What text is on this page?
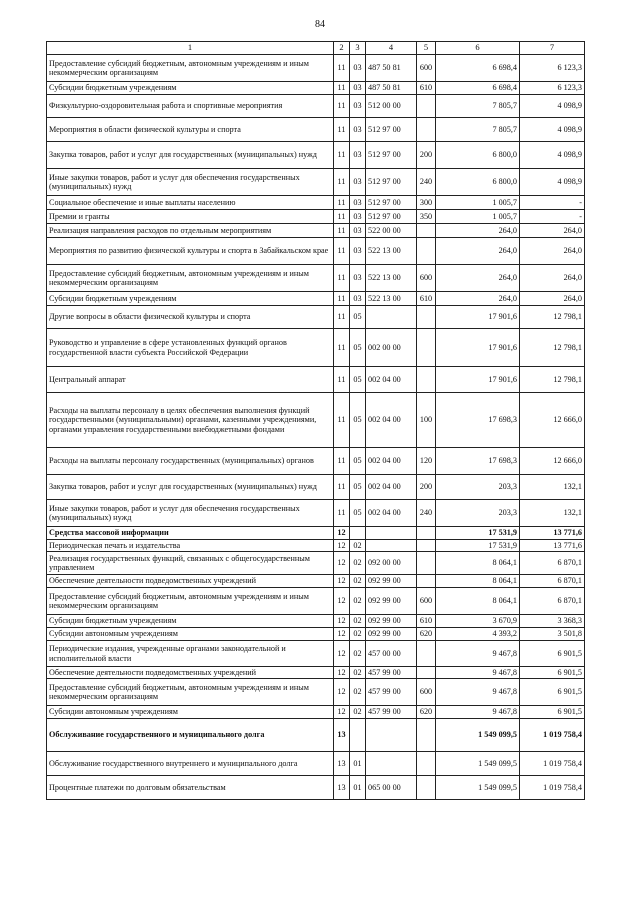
84
1	2	3	4	5	6	7
Предоставление субсидий бюджетным, автономным учреждениям и иным некоммерческим организациям	11	03	487 50 81	600	6 698,4	6 123,3
Субсидии бюджетным учреждениям	11	03	487 50 81	610	6 698,4	6 123,3
Физкультурно-оздоровительная работа и спортивные мероприятия	11	03	512 00 00		7 805,7	4 098,9
Мероприятия в области физической культуры и спорта	11	03	512 97 00		7 805,7	4 098,9
Закупка товаров, работ и услуг для государственных (муниципальных) нужд	11	03	512 97 00	200	6 800,0	4 098,9
Иные закупки товаров, работ и услуг для обеспечения государственных (муниципальных) нужд	11	03	512 97 00	240	6 800,0	4 098,9
Социальное обеспечение и иные выплаты населению	11	03	512 97 00	300	1 005,7	-
Премии и гранты	11	03	512 97 00	350	1 005,7	-
Реализация направления расходов по отдельным мероприятиям	11	03	522 00 00		264,0	264,0
Мероприятия по развитию физической культуры и спорта в Забайкальском крае	11	03	522 13 00		264,0	264,0
Предоставление субсидий бюджетным, автономным учреждениям и иным некоммерческим организациям	11	03	522 13 00	600	264,0	264,0
Субсидии бюджетным учреждениям	11	03	522 13 00	610	264,0	264,0
Другие вопросы в области физической культуры и спорта	11	05			17 901,6	12 798,1
Руководство и управление в сфере установленных функций органов государственной власти субъекта Российской Федерации	11	05	002 00 00		17 901,6	12 798,1
Центральный аппарат	11	05	002 04 00		17 901,6	12 798,1
Расходы на выплаты персоналу в целях обеспечения выполнения функций государственными (муниципальными) органами, казенными учреждениями, органами управления государственными внебюджетными фондами	11	05	002 04 00	100	17 698,3	12 666,0
Расходы на выплаты персоналу государственных (муниципальных) органов	11	05	002 04 00	120	17 698,3	12 666,0
Закупка товаров, работ и услуг для государственных (муниципальных) нужд	11	05	002 04 00	200	203,3	132,1
Иные закупки товаров, работ и услуг для обеспечения государственных (муниципальных) нужд	11	05	002 04 00	240	203,3	132,1
Средства массовой информации	12				17 531,9	13 771,6
Периодическая печать и издательства	12	02			17 531,9	13 771,6
Реализация государственных функций, связанных с общегосударственным управлением	12	02	092 00 00		8 064,1	6 870,1
Обеспечение деятельности подведомственных учреждений	12	02	092 99 00		8 064,1	6 870,1
Предоставление субсидий бюджетным, автономным учреждениям и иным некоммерческим организациям	12	02	092 99 00	600	8 064,1	6 870,1
Субсидии бюджетным учреждениям	12	02	092 99 00	610	3 670,9	3 368,3
Субсидии автономным учреждениям	12	02	092 99 00	620	4 393,2	3 501,8
Периодические издания, учрежденные органами законодательной и исполнительной власти	12	02	457 00 00		9 467,8	6 901,5
Обеспечение деятельности подведомственных учреждений	12	02	457 99 00		9 467,8	6 901,5
Предоставление субсидий бюджетным, автономным учреждениям и иным некоммерческим организациям	12	02	457 99 00	600	9 467,8	6 901,5
Субсидии автономным учреждениям	12	02	457 99 00	620	9 467,8	6 901,5
Обслуживание государственного и муниципального долга	13				1 549 099,5	1 019 758,4
Обслуживание государственного внутреннего и муниципального долга	13	01			1 549 099,5	1 019 758,4
Процентные платежи по долговым обязательствам	13	01	065 00 00		1 549 099,5	1 019 758,4
